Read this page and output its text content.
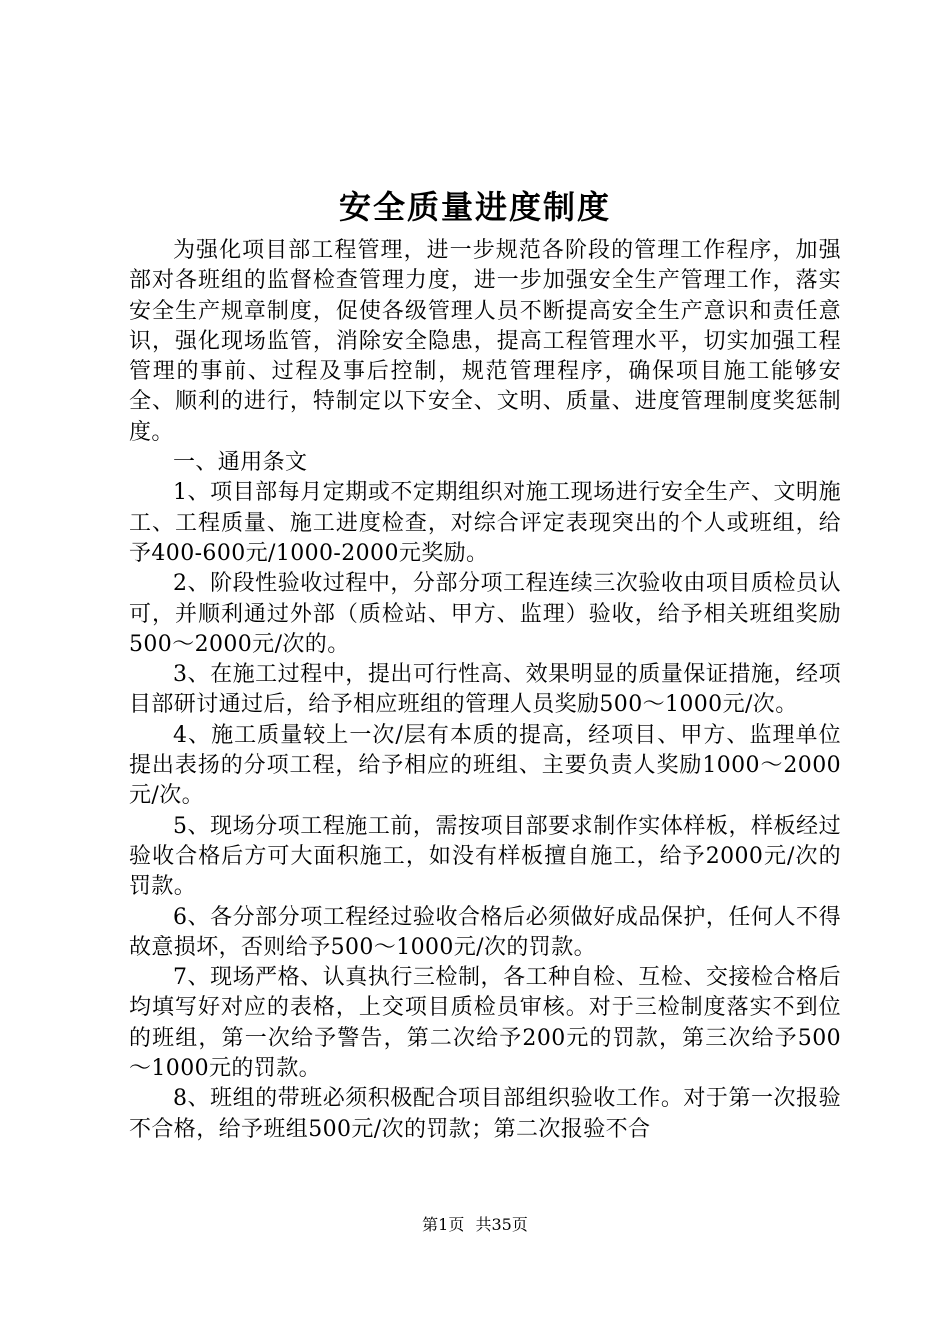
安全质量进度制度

为强化项目部工程管理，进一步规范各阶段的管理工作程序，加强部对各班组的监督检查管理力度，进一步加强安全生产管理工作，落实安全生产规章制度，促使各级管理人员不断提高安全生产意识和责任意识，强化现场监管，消除安全隐患，提高工程管理水平，切实加强工程管理的事前、过程及事后控制，规范管理程序，确保项目施工能够安全、顺利的进行，特制定以下安全、文明、质量、进度管理制度奖惩制度。

一、通用条文

1、项目部每月定期或不定期组织对施工现场进行安全生产、文明施工、工程质量、施工进度检查，对综合评定表现突出的个人或班组，给予400-600元/1000-2000元奖励。

2、阶段性验收过程中，分部分项工程连续三次验收由项目质检员认可，并顺利通过外部（质检站、甲方、监理）验收，给予相关班组奖励500～2000元/次的。

3、在施工过程中，提出可行性高、效果明显的质量保证措施，经项目部研讨通过后，给予相应班组的管理人员奖励500～1000元/次。

4、施工质量较上一次/层有本质的提高，经项目、甲方、监理单位提出表扬的分项工程，给予相应的班组、主要负责人奖励1000～2000元/次。

5、现场分项工程施工前，需按项目部要求制作实体样板，样板经过验收合格后方可大面积施工，如没有样板擅自施工，给予2000元/次的罚款。

6、各分部分项工程经过验收合格后必须做好成品保护，任何人不得故意损坏，否则给予500～1000元/次的罚款。

7、现场严格、认真执行三检制，各工种自检、互检、交接检合格后均填写好对应的表格，上交项目质检员审核。对于三检制度落实不到位的班组，第一次给予警告，第二次给予200元的罚款，第三次给予500～1000元的罚款。

8、班组的带班必须积极配合项目部组织验收工作。对于第一次报验不合格，给予班组500元/次的罚款；第二次报验不合

第1页 共35页
